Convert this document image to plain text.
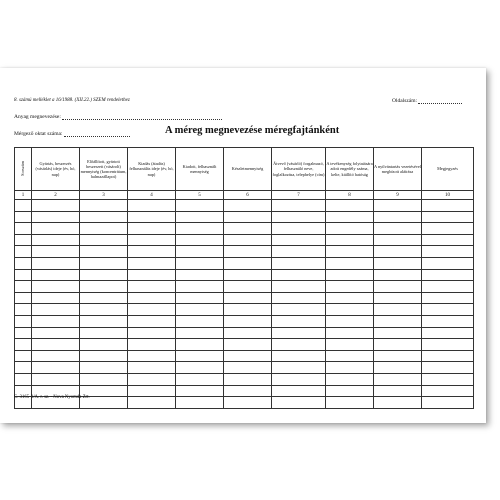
8. számú melléklet a 16/1988. (XII.22.) SZEM rendelethez	Oldalszám:
Anyag megnevezése:
Mérgező oktat száma:	A méreg megnevezése méregfajtánként
Sorszám	Gyártás, beszerzés (vásárlás) ideje (év, hó, nap)	Előállított, gyártott beszerzett (vásárolt) mennyiség (koncentrátum, halmazállapot)	Kiadás (átadás) felhasználás ideje (év, hó, nap)	Kiadott, felhasznált mennyiség	Készletmennyiség	Átvevő (vásárló) forgalmazó, felhasználó neve, foglalkozása, telephelye (cím)	A tevékenység folytatására adott engedély száma, kelte, kiállító hatóság	A nyilvántartás vezetésével megbízott aláírása	Megjegyzés
1	2	3	4	5	6	7	8	9	10

C. 3165-3/A. r. sz. - Nova Nyomda Zrt.
